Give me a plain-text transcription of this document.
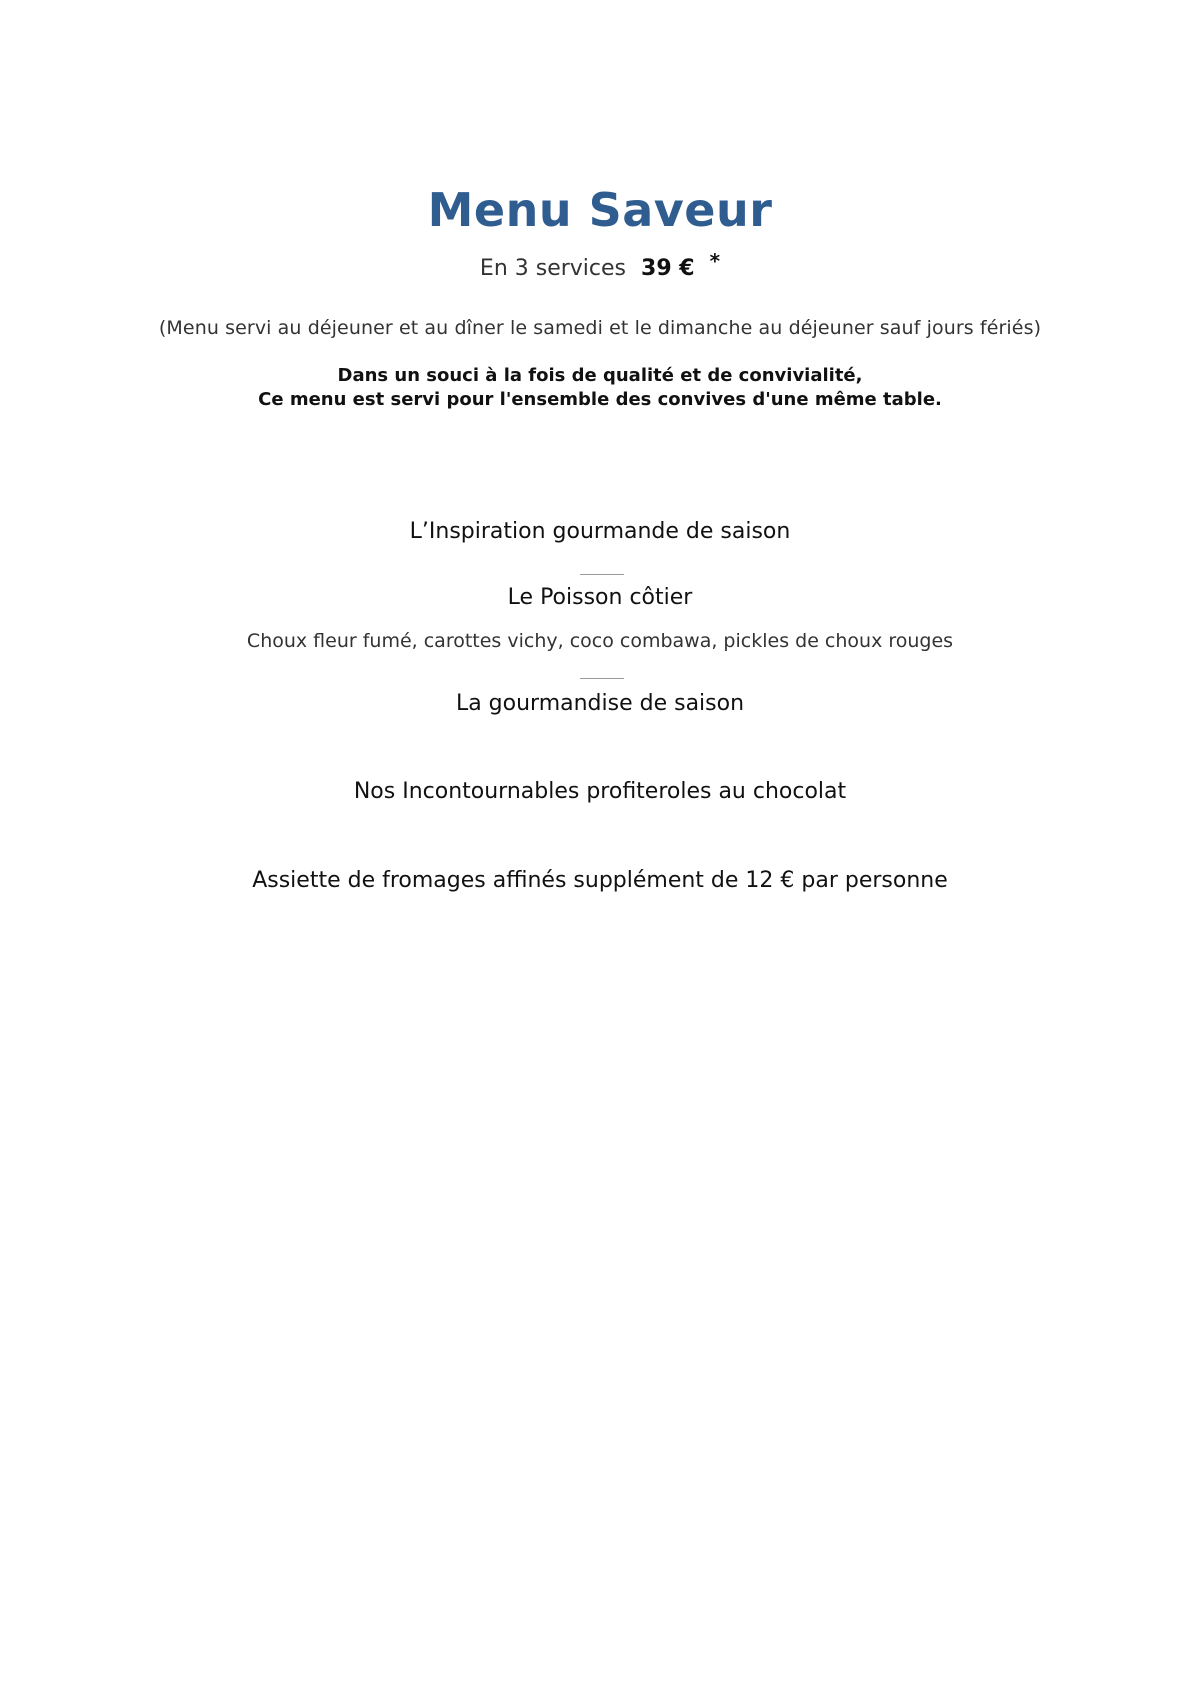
Menu Saveur
En 3 services 39 € *
(Menu servi au déjeuner et au dîner le samedi et le dimanche au déjeuner sauf jours fériés)
Dans un souci à la fois de qualité et de convivialité,
Ce menu est servi pour l'ensemble des convives d'une même table.
L’Inspiration gourmande de saison
Le Poisson côtier
Choux fleur fumé, carottes vichy, coco combawa, pickles de choux rouges
La gourmandise de saison
Nos Incontournables profiteroles au chocolat
Assiette de fromages affinés supplément de 12 € par personne
